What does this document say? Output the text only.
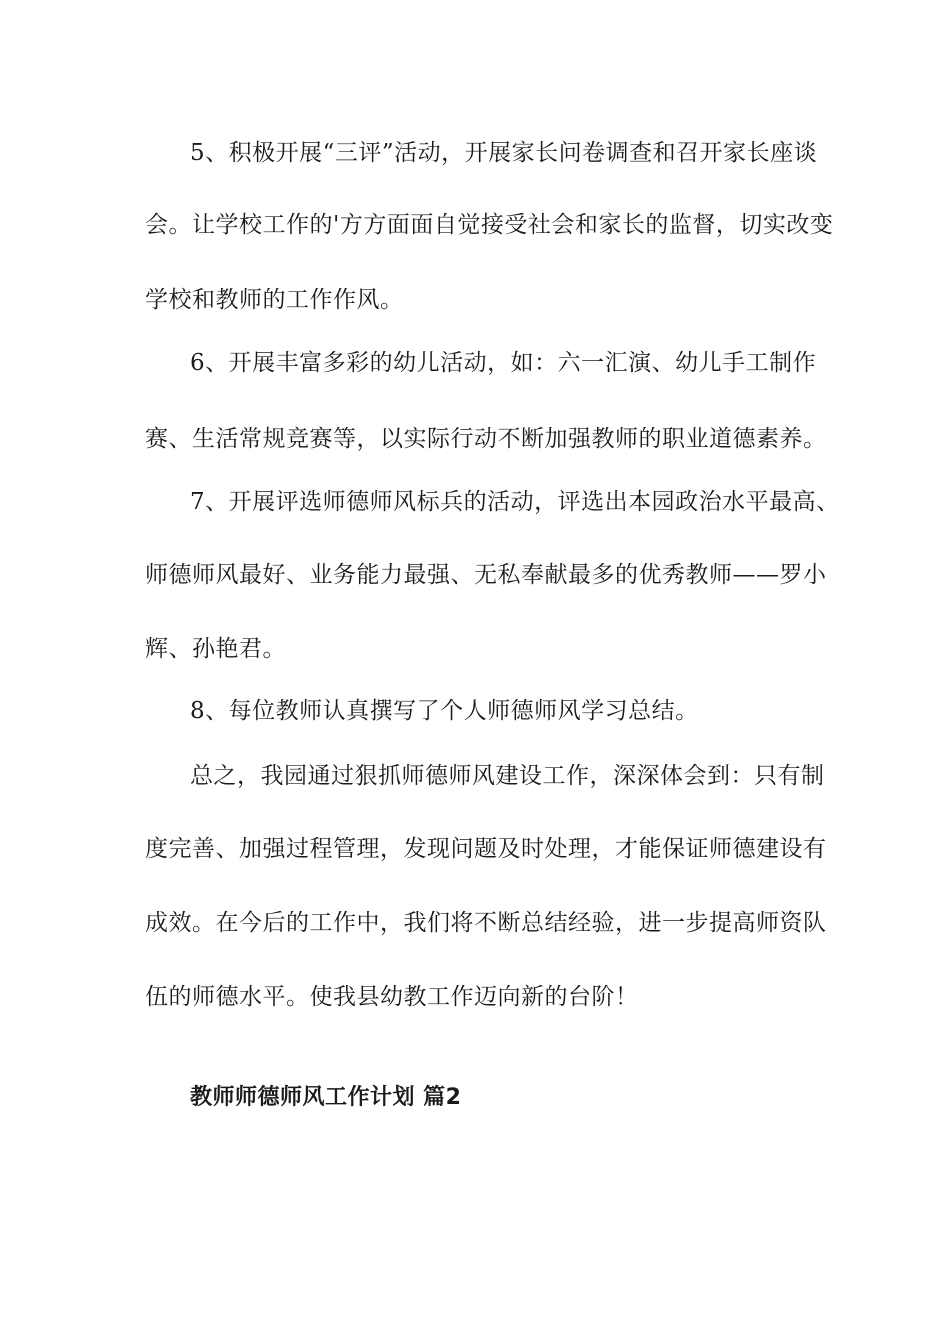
5、积极开展“三评”活动，开展家长问卷调查和召开家长座谈
会。让学校工作的'方方面面自觉接受社会和家长的监督，切实改变
学校和教师的工作作风。
6、开展丰富多彩的幼儿活动，如：六一汇演、幼儿手工制作
赛、生活常规竞赛等，以实际行动不断加强教师的职业道德素养。
7、开展评选师德师风标兵的活动，评选出本园政治水平最高、
师德师风最好、业务能力最强、无私奉献最多的优秀教师——罗小
辉、孙艳君。
8、每位教师认真撰写了个人师德师风学习总结。
总之，我园通过狠抓师德师风建设工作，深深体会到：只有制
度完善、加强过程管理，发现问题及时处理，才能保证师德建设有
成效。在今后的工作中，我们将不断总结经验，进一步提高师资队
伍的师德水平。使我县幼教工作迈向新的台阶！
教师师德师风工作计划 篇2
